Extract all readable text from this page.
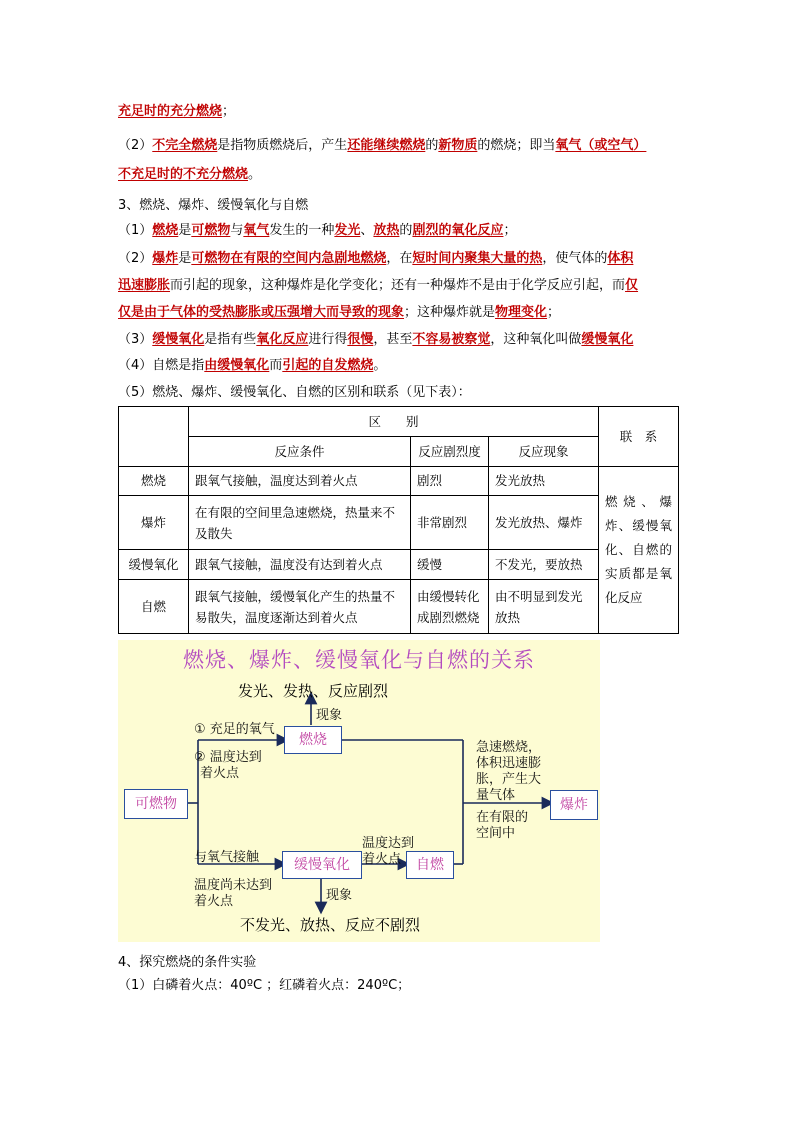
充足时的充分燃烧；
（2）不完全燃烧是指物质燃烧后，产生还能继续燃烧的新物质的燃烧；即当氧气（或空气）
不充足时的不充分燃烧。
3、燃烧、爆炸、缓慢氧化与自燃
（1）燃烧是可燃物与氧气发生的一种发光、放热的剧烈的氧化反应；
（2）爆炸是可燃物在有限的空间内急剧地燃烧，在短时间内聚集大量的热，使气体的体积
迅速膨胀而引起的现象，这种爆炸是化学变化；还有一种爆炸不是由于化学反应引起，而仅
仅是由于气体的受热膨胀或压强增大而导致的现象；这种爆炸就是物理变化；
（3）缓慢氧化是指有些氧化反应进行得很慢，甚至不容易被察觉，这种氧化叫做缓慢氧化
（4）自燃是指由缓慢氧化而引起的自发燃烧。
（5）燃烧、爆炸、缓慢氧化、自燃的区别和联系（见下表）：
	区　　别			联　系
	反应条件	反应剧烈度	反应现象	
燃烧	跟氧气接触，温度达到着火点	剧烈	发光放热	燃烧、爆炸、缓慢氧化、自燃的实质都是氧化反应
爆炸	在有限的空间里急速燃烧，热量来不及散失	非常剧烈	发光放热、爆炸	
缓慢氧化	跟氧气接触，温度没有达到着火点	缓慢	不发光，要放热	
自燃	跟氧气接触，缓慢氧化产生的热量不易散失，温度逐渐达到着火点	由缓慢转化成剧烈燃烧	由不明显到发光放热	
燃烧、爆炸、缓慢氧化与自燃的关系
发光、发热、反应剧烈
现象
燃烧
可燃物	爆炸
缓慢氧化	自燃
① 充足的氧气
② 温度达到
着火点
与氧气接触
温度尚未达到
着火点
温度达到
着火点
急速燃烧，
体积迅速膨
胀，产生大
量气体
在有限的
空间中
现象
不发光、放热、反应不剧烈
4、探究燃烧的条件实验
（1）白磷着火点：40ºC ；红磷着火点：240ºC；
